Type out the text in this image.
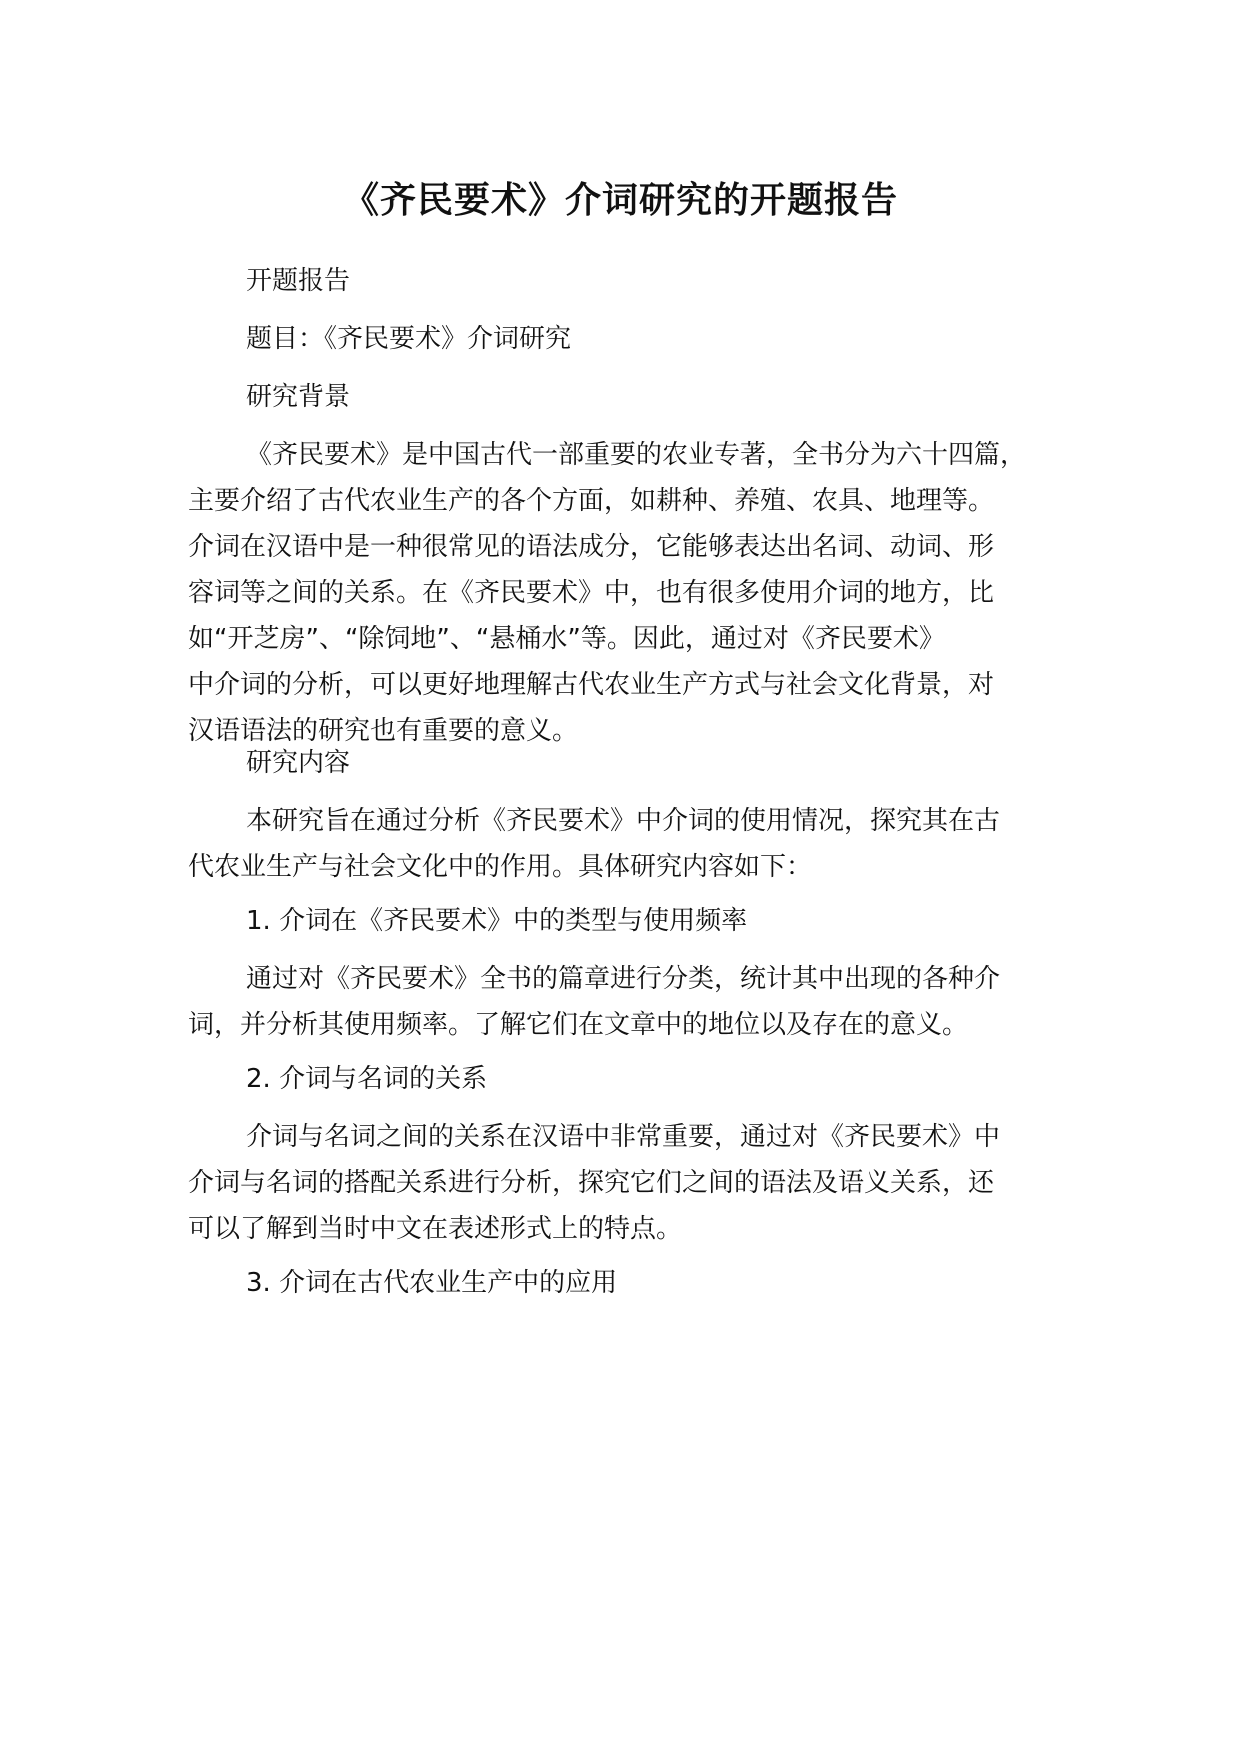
《齐民要术》介词研究的开题报告

开题报告

题目：《齐民要术》介词研究

研究背景

《齐民要术》是中国古代一部重要的农业专著，全书分为六十四篇，
主要介绍了古代农业生产的各个方面，如耕种、养殖、农具、地理等。
介词在汉语中是一种很常见的语法成分，它能够表达出名词、动词、形
容词等之间的关系。在《齐民要术》中，也有很多使用介词的地方，比
如“开芝房”、“除饲地”、“悬桶水”等。因此，通过对《齐民要术》
中介词的分析，可以更好地理解古代农业生产方式与社会文化背景，对
汉语语法的研究也有重要的意义。

研究内容

本研究旨在通过分析《齐民要术》中介词的使用情况，探究其在古
代农业生产与社会文化中的作用。具体研究内容如下：

1. 介词在《齐民要术》中的类型与使用频率

通过对《齐民要术》全书的篇章进行分类，统计其中出现的各种介
词，并分析其使用频率。了解它们在文章中的地位以及存在的意义。

2. 介词与名词的关系

介词与名词之间的关系在汉语中非常重要，通过对《齐民要术》中
介词与名词的搭配关系进行分析，探究它们之间的语法及语义关系，还
可以了解到当时中文在表述形式上的特点。

3. 介词在古代农业生产中的应用
